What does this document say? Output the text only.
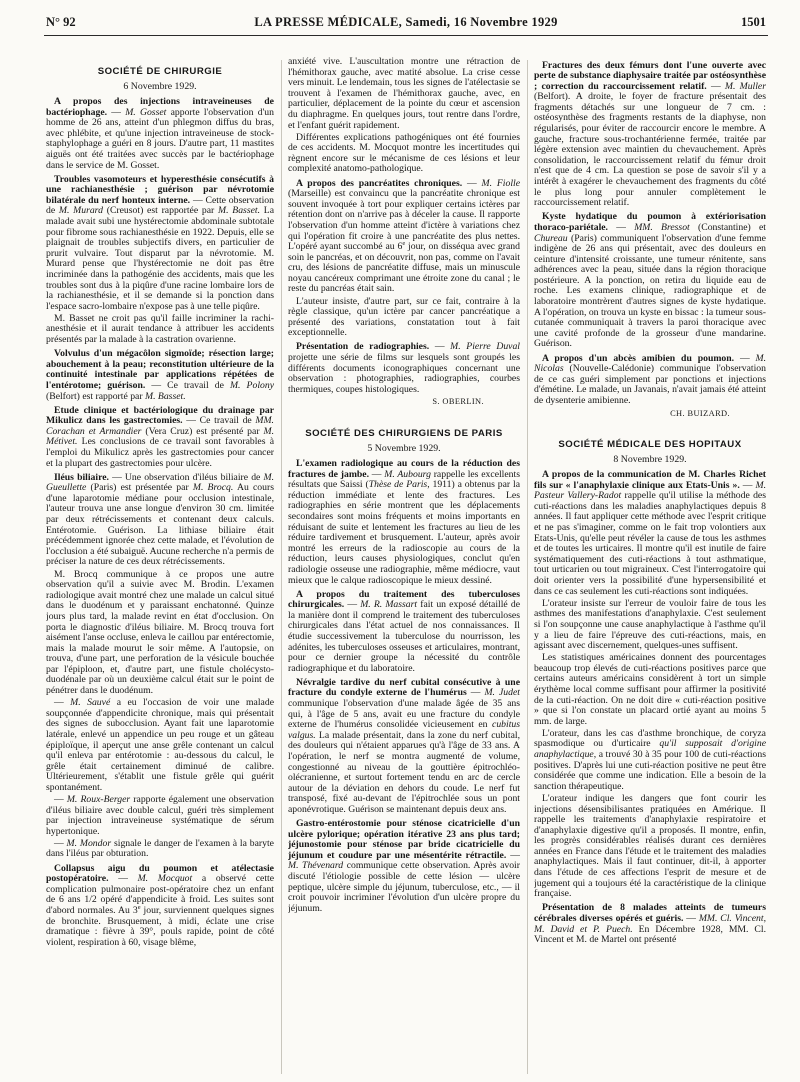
N° 92	LA PRESSE MÉDICALE, Samedi, 16 Novembre 1929	1501
SOCIÉTÉ DE CHIRURGIE
6 Novembre 1929.

A propos des injections intraveineuses de bactériophage. — M. Gosset apporte l'observation d'un homme de 26 ans, atteint d'un phlegmon diffus du bras, avec phlébite, et qu'une injection intraveineuse de stock-staphylophage a guéri en 8 jours. D'autre part, 11 mastites aiguës ont été traitées avec succès par le bactériophage dans le service de M. Gosset.

Troubles vasomoteurs et hyperesthésie consécutifs à une rachianesthésie ; guérison par névrotomie bilatérale du nerf honteux interne. — Cette observation de M. Murard (Creusot) est rapportée par M. Basset. La malade avait subi une hystérectomie abdominale subtotale pour fibrome sous rachianesthésie en 1922. Depuis, elle se plaignait de troubles subjectifs divers, en particulier de prurit vulvaire. Tout disparut par la névrotomie. M. Murard pense que l'hystérectomie ne doit pas être incriminée dans la pathogénie des accidents, mais que les troubles sont dus à la piqûre d'une racine lombaire lors de la rachianesthésie, et il se demande si la ponction dans l'espace sacro-lombaire n'expose pas à une telle piqûre.

M. Basset ne croit pas qu'il faille incriminer la rachi-anesthésie et il aurait tendance à attribuer les accidents présentés par la malade à la castration ovarienne.

Volvulus d'un mégacôlon sigmoïde; résection large; abouchement à la peau; reconstitution ultérieure de la continuité intestinale par applications répétées de l'entérotome; guérison. — Ce travail de M. Polony (Belfort) est rapporté par M. Basset.

Etude clinique et bactériologique du drainage par Mikulicz dans les gastrectomies. — Ce travail de MM. Corachan et Armandier (Vera Cruz) est présenté par M. Métivet. Les conclusions de ce travail sont favorables à l'emploi du Mikulicz après les gastrectomies pour cancer et la plupart des gastrectomies pour ulcère.

Iléus biliaire. — Une observation d'iléus biliaire de M. Gueullette (Paris) est présentée par M. Brocq. Au cours d'une laparotomie médiane pour occlusion intestinale, l'auteur trouva une anse longue d'environ 30 cm. limitée par deux rétrécissements et contenant deux calculs. Entérotomie. Guérison. La lithiase biliaire était précédemment ignorée chez cette malade, et l'évolution de l'occlusion a été subaiguë. Aucune recherche n'a permis de préciser la nature de ces deux rétrécissements.

M. Brocq communique à ce propos une autre observation qu'il a suivie avec M. Brodin. L'examen radiologique avait montré chez une malade un calcul situé dans le duodénum et y paraissant enchatonné. Quinze jours plus tard, la malade revint en état d'occlusion. On porta le diagnostic d'iléus biliaire. M. Brocq trouva fort aisément l'anse occluse, enleva le caillou par entérectomie, mais la malade mourut le soir même. A l'autopsie, on trouva, d'une part, une perforation de la vésicule bouchée par l'épiploon, et, d'autre part, une fistule cholécysto-duodénale par où un deuxième calcul était sur le point de pénétrer dans le duodénum.

— M. Sauvé a eu l'occasion de voir une malade soupçonnée d'appendicite chronique, mais qui présentait des signes de subocclusion. Ayant fait une laparotomie latérale, enlevé un appendice un peu rouge et un gâteau épiploïque, il aperçut une anse grêle contenant un calcul qu'il enleva par entérotomie : au-dessous du calcul, le grêle était certainement diminué de calibre. Ultérieurement, s'établit une fistule grêle qui guérit spontanément.

— M. Roux-Berger rapporte également une observation d'iléus biliaire avec double calcul, guéri très simplement par injection intraveineuse systématique de sérum hypertonique.

— M. Mondor signale le danger de l'examen à la baryte dans l'iléus par obturation.

Collapsus aigu du poumon et atélectasie postopératoire. — M. Mocquot a observé cette complication pulmonaire post-opératoire chez un enfant de 6 ans 1/2 opéré d'appendicite à froid. Les suites sont d'abord normales. Au 3e jour, surviennent quelques signes de bronchite. Brusquement, à midi, éclate une crise dramatique : fièvre à 39°, pouls rapide, point de côté violent, respiration à 60, visage blême,

anxiété vive. L'auscultation montre une rétraction de l'hémithorax gauche, avec matité absolue. La crise cesse vers minuit. Le lendemain, tous les signes de l'atélectasie se trouvent à l'examen de l'hémithorax gauche, avec, en particulier, déplacement de la pointe du cœur et ascension du diaphragme. En quelques jours, tout rentre dans l'ordre, et l'enfant guérit rapidement.

Différentes explications pathogéniques ont été fournies de ces accidents. M. Mocquot montre les incertitudes qui règnent encore sur le mécanisme de ces lésions et leur complexité anatomo-pathologique.

A propos des pancréatites chroniques. — M. Fiolle (Marseille) est convaincu que la pancréatite chronique est souvent invoquée à tort pour expliquer certains ictères par rétention dont on n'arrive pas à déceler la cause. Il rapporte l'observation d'un homme atteint d'ictère à variations chez qui l'opération fit croire à une pancréatite des plus nettes. L'opéré ayant succombé au 6e jour, on disséqua avec grand soin le pancréas, et on découvrit, non pas, comme on l'avait cru, des lésions de pancréatite diffuse, mais un minuscule noyau cancéreux comprimant une étroite zone du canal ; le reste du pancréas était sain.

L'auteur insiste, d'autre part, sur ce fait, contraire à la règle classique, qu'un ictère par cancer pancréatique a présenté des variations, constatation tout à fait exceptionnelle.

Présentation de radiographies. — M. Pierre Duval projette une série de films sur lesquels sont groupés les différents documents iconographiques concernant une observation : photographies, radiographies, courbes thermiques, coupes histologiques.

S. OBERLIN.
SOCIÉTÉ DES CHIRURGIENS DE PARIS
5 Novembre 1929.

L'examen radiologique au cours de la réduction des fractures de jambe. — M. Aubourg rappelle les excellents résultats que Saissi (Thèse de Paris, 1911) a obtenus par la réduction immédiate et lente des fractures. Les radiographies en série montrent que les déplacements secondaires sont moins fréquents et moins importants en réduisant de suite et lentement les fractures au lieu de les réduire tardivement et brusquement. L'auteur, après avoir montré les erreurs de la radioscopie au cours de la réduction, leurs causes physiologiques, conclut qu'en radiologie osseuse une radiographie, même médiocre, vaut mieux que le calque radioscopique le mieux dessiné.

A propos du traitement des tuberculoses chirurgicales. — M. R. Massart fait un exposé détaillé de la manière dont il comprend le traitement des tuberculoses chirurgicales dans l'état actuel de nos connaissances. Il étudie successivement la tuberculose du nourrisson, les adénites, les tuberculoses osseuses et articulaires, montrant, pour ce dernier groupe la nécessité du contrôle radiographique et du laboratoire.

Névralgie tardive du nerf cubital consécutive à une fracture du condyle externe de l'humérus — M. Judet communique l'observation d'une malade âgée de 35 ans qui, à l'âge de 5 ans, avait eu une fracture du condyle externe de l'humérus consolidée vicieusement en cubitus valgus. La malade présentait, dans la zone du nerf cubital, des douleurs qui n'étaient apparues qu'à l'âge de 33 ans. A l'opération, le nerf se montra augmenté de volume, congestionné au niveau de la gouttière épitrochléo-olécranienne, et surtout fortement tendu en arc de cercle autour de la déviation en dehors du coude. Le nerf fut transposé, fixé au-devant de l'épitrochlée sous un pont aponévrotique. Guérison se maintenant depuis deux ans.

Gastro-entérostomie pour sténose cicatricielle d'un ulcère pylorique; opération itérative 23 ans plus tard; jéjunostomie pour sténose par bride cicatricielle du jéjunum et coudure par une mésentérite rétractile. — M. Thévenard communique cette observation. Après avoir discuté l'étiologie possible de cette lésion — ulcère peptique, ulcère simple du jéjunum, tuberculose, etc., — il croit pouvoir incriminer l'évolution d'un ulcère propre du jéjunum.

Fractures des deux fémurs dont l'une ouverte avec perte de substance diaphysaire traitée par ostéosynthèse ; correction du raccourcissement relatif. — M. Muller (Belfort). A droite, le foyer de fracture présentait des fragments détachés sur une longueur de 7 cm. : ostéosynthèse des fragments restants de la diaphyse, non régularisés, pour éviter de raccourcir encore le membre. A gauche, fracture sous-trochantérienne fermée, traitée par légère extension avec maintien du chevauchement. Après consolidation, le raccourcissement relatif du fémur droit n'est que de 4 cm. La question se pose de savoir s'il y a intérêt à exagérer le chevauchement des fragments du côté le plus long pour annuler complètement le raccourcissement relatif.

Kyste hydatique du poumon à extériorisation thoraco-pariétale. — MM. Bressot (Constantine) et Chureau (Paris) communiquent l'observation d'une femme indigène de 26 ans qui présentait, avec des douleurs en ceinture d'intensité croissante, une tumeur rénitente, sans adhérences avec la peau, située dans la région thoracique postérieure. A la ponction, on retira du liquide eau de roche. Les examens clinique, radiographique et de laboratoire montrèrent d'autres signes de kyste hydatique. A l'opération, on trouva un kyste en bissac : la tumeur sous-cutanée communiquait à travers la paroi thoracique avec une cavité profonde de la grosseur d'une mandarine. Guérison.

A propos d'un abcès amibien du poumon. — M. Nicolas (Nouvelle-Calédonie) communique l'observation de ce cas guéri simplement par ponctions et injections d'émétine. Le malade, un Javanais, n'avait jamais été atteint de dysenterie amibienne.

CH. BUIZARD.
SOCIÉTÉ MÉDICALE DES HOPITAUX
8 Novembre 1929.

A propos de la communication de M. Charles Richet fils sur « l'anaphylaxie clinique aux Etats-Unis ». — M. Pasteur Vallery-Radot rappelle qu'il utilise la méthode des cuti-réactions dans les maladies anaphylactiques depuis 8 années. Il faut appliquer cette méthode avec l'esprit critique et ne pas s'imaginer, comme on le fait trop volontiers aux Etats-Unis, qu'elle peut révéler la cause de tous les asthmes et de toutes les urticaires. Il montre qu'il est inutile de faire systématiquement des cuti-réactions à tout asthmatique, tout urticarien ou tout migraineux. C'est l'interrogatoire qui doit orienter vers la possibilité d'une hypersensibilité et dans ce cas seulement les cuti-réactions sont indiquées.

L'orateur insiste sur l'erreur de vouloir faire de tous les asthmes des manifestations d'anaphylaxie. C'est seulement si l'on soupçonne une cause anaphylactique à l'asthme qu'il y a lieu de faire l'épreuve des cuti-réactions, mais, en agissant avec discernement, quelques-unes suffisent.

Les statistiques américaines donnent des pourcentages beaucoup trop élevés de cuti-réactions positives parce que certains auteurs américains considèrent à tort un simple érythème local comme suffisant pour affirmer la positivité de la cuti-réaction. On ne doit dire « cuti-réaction positive » que si l'on constate un placard ortié ayant au moins 5 mm. de large.

L'orateur, dans les cas d'asthme bronchique, de coryza spasmodique ou d'urticaire qu'il supposait d'origine anaphylactique, a trouvé 30 à 35 pour 100 de cuti-réactions positives. D'après lui une cuti-réaction positive ne peut être considérée que comme une indication. Elle a besoin de la sanction thérapeutique.

L'orateur indique les dangers que font courir les injections désensibilisantes pratiquées en Amérique. Il rappelle les traitements d'anaphylaxie respiratoire et d'anaphylaxie digestive qu'il a proposés. Il montre, enfin, les progrès considérables réalisés durant ces dernières années en France dans l'étude et le traitement des maladies anaphylactiques. Mais il faut continuer, dit-il, à apporter dans l'étude de ces affections l'esprit de mesure et de jugement qui a toujours été la caractéristique de la clinique française.

Présentation de 8 malades atteints de tumeurs cérébrales diverses opérés et guéris. — MM. Cl. Vincent, M. David et P. Puech. En Décembre 1928, MM. Cl. Vincent et M. de Martel ont présenté
